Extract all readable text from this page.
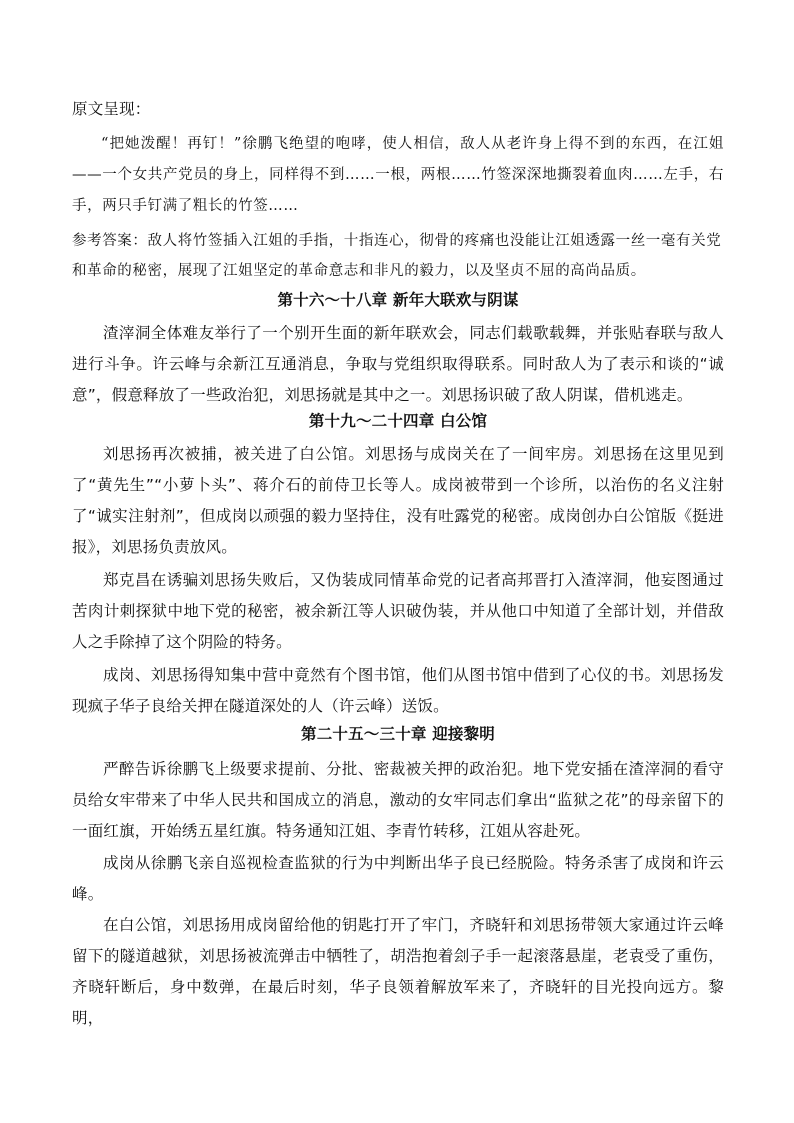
原文呈现：
“把她泼醒！再钉！”徐鹏飞绝望的咆哮，使人相信，敌人从老许身上得不到的东西，在江姐——一个女共产党员的身上，同样得不到……一根，两根……竹签深深地撕裂着血肉……左手，右手，两只手钉满了粗长的竹签……
参考答案：敌人将竹签插入江姐的手指，十指连心，彻骨的疼痛也没能让江姐透露一丝一毫有关党和革命的秘密，展现了江姐坚定的革命意志和非凡的毅力，以及坚贞不屈的高尚品质。
第十六～十八章 新年大联欢与阴谋
渣滓洞全体难友举行了一个别开生面的新年联欢会，同志们载歌载舞，并张贴春联与敌人进行斗争。许云峰与余新江互通消息，争取与党组织取得联系。同时敌人为了表示和谈的“诚意”，假意释放了一些政治犯，刘思扬就是其中之一。刘思扬识破了敌人阴谋，借机逃走。
第十九～二十四章 白公馆
刘思扬再次被捕，被关进了白公馆。刘思扬与成岗关在了一间牢房。刘思扬在这里见到了“黄先生”“小萝卜头”、蒋介石的前侍卫长等人。成岗被带到一个诊所，以治伤的名义注射了“诚实注射剂”，但成岗以顽强的毅力坚持住，没有吐露党的秘密。成岗创办白公馆版《挺进报》，刘思扬负责放风。
郑克昌在诱骗刘思扬失败后，又伪装成同情革命党的记者高邦晋打入渣滓洞，他妄图通过苦肉计刺探狱中地下党的秘密，被余新江等人识破伪装，并从他口中知道了全部计划，并借敌人之手除掉了这个阴险的特务。
成岗、刘思扬得知集中营中竟然有个图书馆，他们从图书馆中借到了心仪的书。刘思扬发现疯子华子良给关押在隧道深处的人（许云峰）送饭。
第二十五～三十章 迎接黎明
严醉告诉徐鹏飞上级要求提前、分批、密裁被关押的政治犯。地下党安插在渣滓洞的看守员给女牢带来了中华人民共和国成立的消息，激动的女牢同志们拿出“监狱之花”的母亲留下的一面红旗，开始绣五星红旗。特务通知江姐、李青竹转移，江姐从容赴死。
成岗从徐鹏飞亲自巡视检查监狱的行为中判断出华子良已经脱险。特务杀害了成岗和许云峰。
在白公馆，刘思扬用成岗留给他的钥匙打开了牢门，齐晓轩和刘思扬带领大家通过许云峰留下的隧道越狱，刘思扬被流弹击中牺牲了，胡浩抱着刽子手一起滚落悬崖，老袁受了重伤，齐晓轩断后，身中数弹，在最后时刻，华子良领着解放军来了，齐晓轩的目光投向远方。黎明，
